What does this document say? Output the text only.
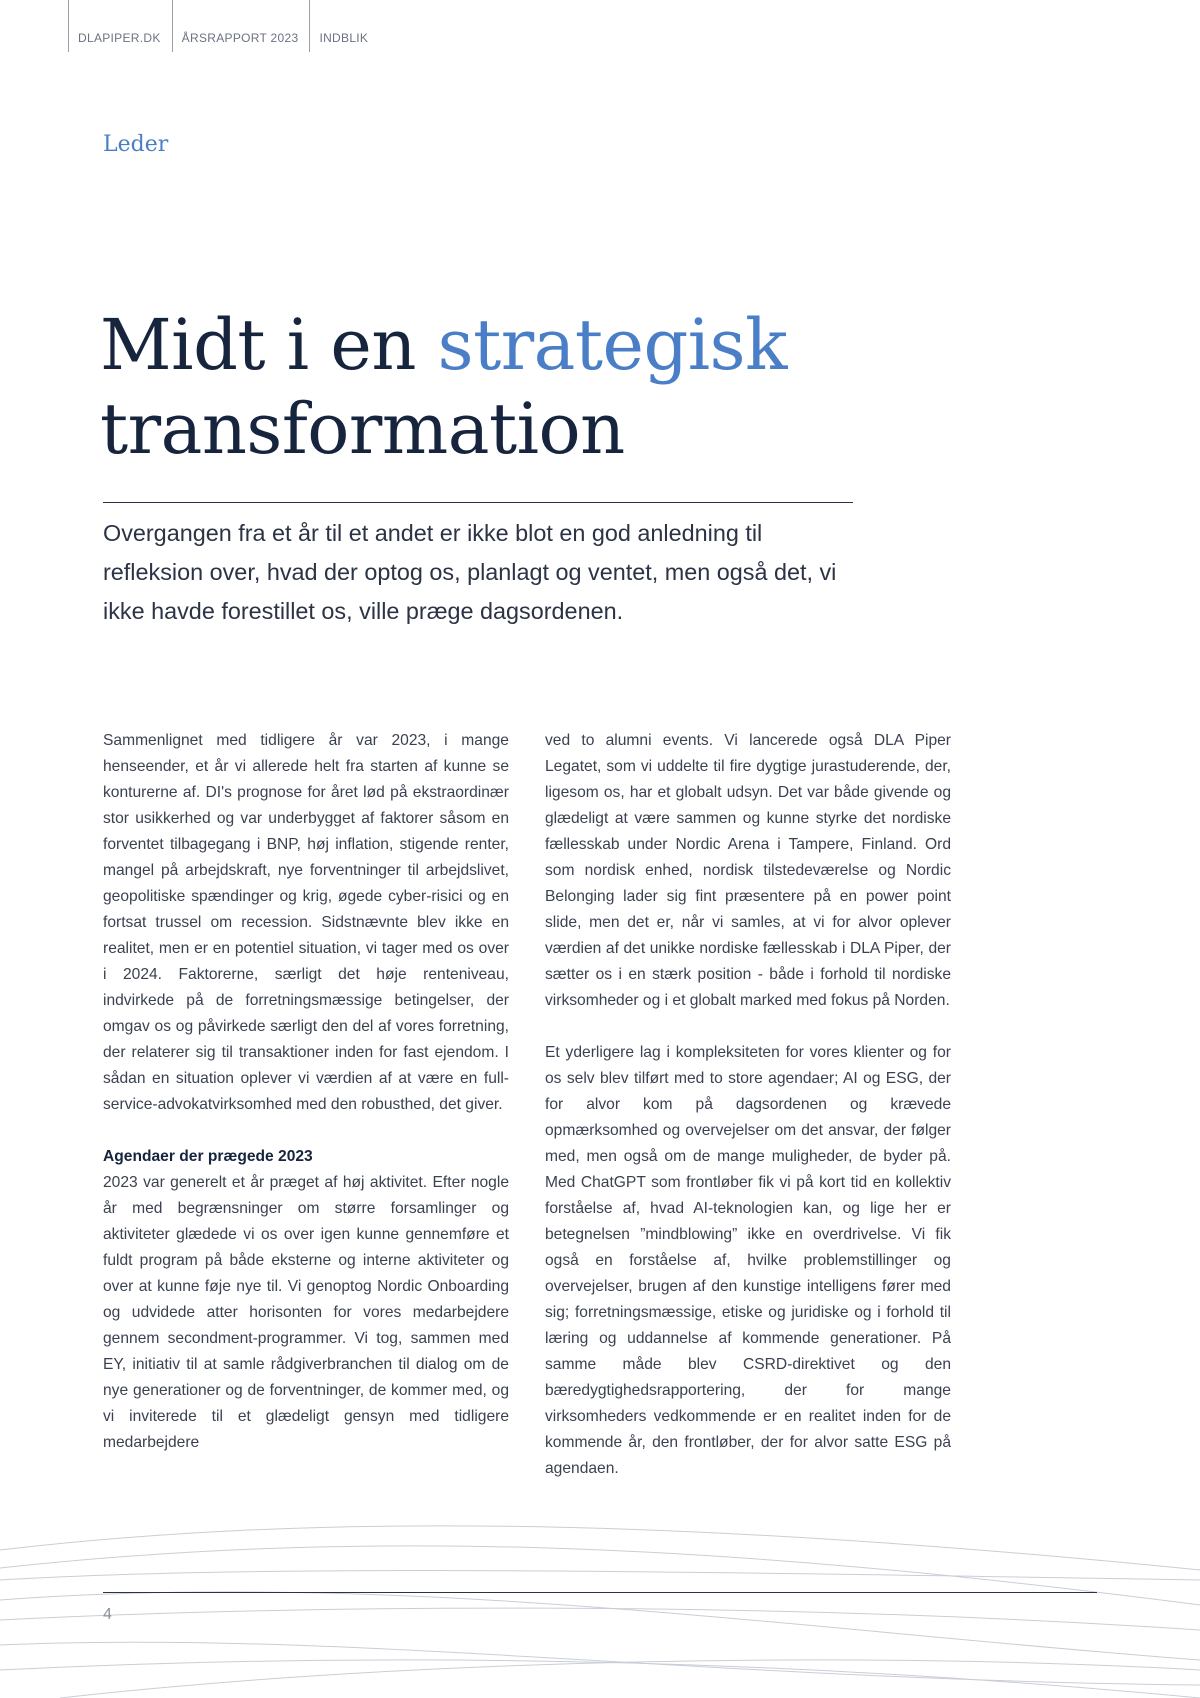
DLAPIPER.DK	ÅRSRAPPORT 2023	INDBLIK
Leder
Midt i en strategisk
transformation

Overgangen fra et år til et andet er ikke blot en god anledning til refleksion over, hvad der optog os, planlagt og ventet, men også det, vi ikke havde forestillet os, ville præge dagsordenen.

Sammenlignet med tidligere år var 2023, i mange henseender, et år vi allerede helt fra starten af kunne se konturerne af. DI's prognose for året lød på ekstraordinær stor usikkerhed og var underbygget af faktorer såsom en forventet tilbagegang i BNP, høj inflation, stigende renter, mangel på arbejdskraft, nye forventninger til arbejdslivet, geopolitiske spændinger og krig, øgede cyber-risici og en fortsat trussel om recession. Sidstnævnte blev ikke en realitet, men er en potentiel situation, vi tager med os over i 2024. Faktorerne, særligt det høje renteniveau, indvirkede på de forretningsmæssige betingelser, der omgav os og påvirkede særligt den del af vores forretning, der relaterer sig til transaktioner inden for fast ejendom. I sådan en situation oplever vi værdien af at være en full-service-advokatvirksomhed med den robusthed, det giver.

Agendaer der prægede 2023

2023 var generelt et år præget af høj aktivitet. Efter nogle år med begrænsninger om større forsamlinger og aktiviteter glædede vi os over igen kunne gennemføre et fuldt program på både eksterne og interne aktiviteter og over at kunne føje nye til. Vi genoptog Nordic Onboarding og udvidede atter horisonten for vores medarbejdere gennem secondment-programmer. Vi tog, sammen med EY, initiativ til at samle rådgiverbranchen til dialog om de nye generationer og de forventninger, de kommer med, og vi inviterede til et glædeligt gensyn med tidligere medarbejdere

ved to alumni events. Vi lancerede også DLA Piper Legatet, som vi uddelte til fire dygtige jurastuderende, der, ligesom os, har et globalt udsyn. Det var både givende og glædeligt at være sammen og kunne styrke det nordiske fællesskab under Nordic Arena i Tampere, Finland. Ord som nordisk enhed, nordisk tilstedeværelse og Nordic Belonging lader sig fint præsentere på en power point slide, men det er, når vi samles, at vi for alvor oplever værdien af det unikke nordiske fællesskab i DLA Piper, der sætter os i en stærk position - både i forhold til nordiske virksomheder og i et globalt marked med fokus på Norden.

Et yderligere lag i kompleksiteten for vores klienter og for os selv blev tilført med to store agendaer; AI og ESG, der for alvor kom på dagsordenen og krævede opmærksomhed og overvejelser om det ansvar, der følger med, men også om de mange muligheder, de byder på. Med ChatGPT som frontløber fik vi på kort tid en kollektiv forståelse af, hvad AI-teknologien kan, og lige her er betegnelsen ”mindblowing” ikke en overdrivelse. Vi fik også en forståelse af, hvilke problemstillinger og overvejelser, brugen af den kunstige intelligens fører med sig; forretningsmæssige, etiske og juridiske og i forhold til læring og uddannelse af kommende generationer. På samme måde blev CSRD-direktivet og den bæredygtighedsrapportering, der for mange virksomheders vedkommende er en realitet inden for de kommende år, den frontløber, der for alvor satte ESG på agendaen.

4
